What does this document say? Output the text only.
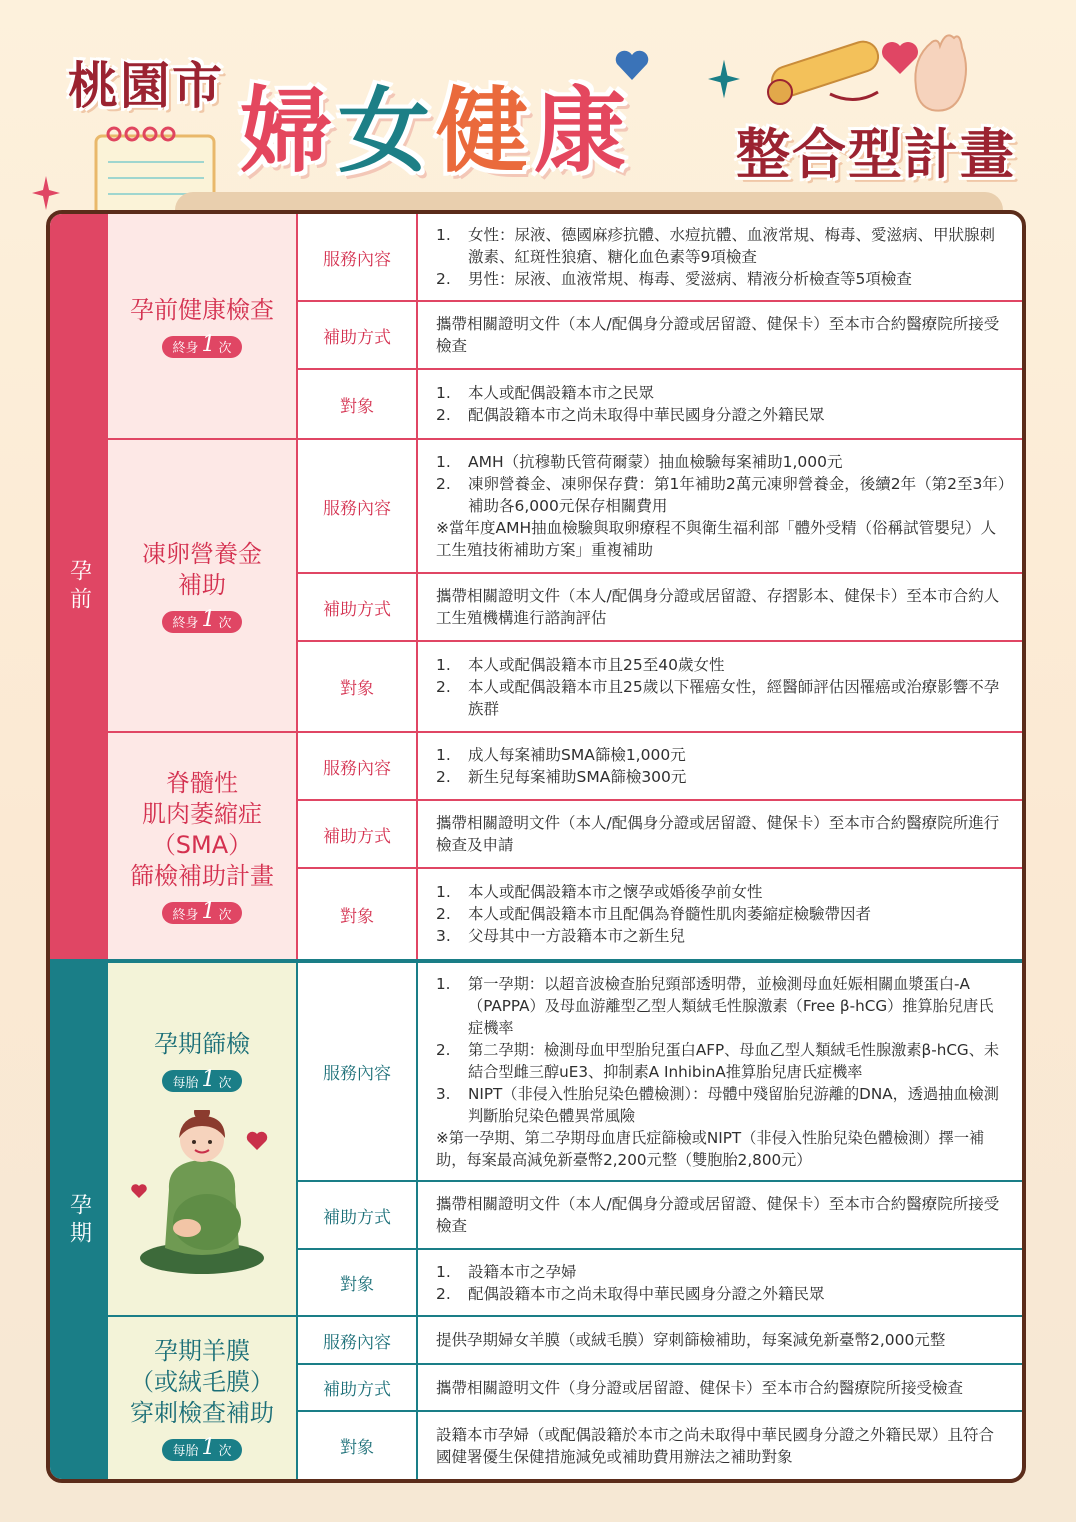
桃園市 婦女健康 整合型計畫
孕前
孕前健康檢查
終身 1 次
服務內容
1.	女性：尿液、德國麻疹抗體、水痘抗體、血液常規、梅毒、愛滋病、甲狀腺刺激素、紅斑性狼瘡、糖化血色素等9項檢查
2.	男性：尿液、血液常規、梅毒、愛滋病、精液分析檢查等5項檢查
補助方式
攜帶相關證明文件（本人/配偶身分證或居留證、健保卡）至本市合約醫療院所接受檢查
對象
1.	本人或配偶設籍本市之民眾
2.	配偶設籍本市之尚未取得中華民國身分證之外籍民眾
凍卵營養金
補助
終身 1 次
服務內容
1.	AMH（抗穆勒氏管荷爾蒙）抽血檢驗每案補助1,000元
2.	凍卵營養金、凍卵保存費：第1年補助2萬元凍卵營養金，後續2年（第2至3年）補助各6,000元保存相關費用
※當年度AMH抽血檢驗與取卵療程不與衛生福利部「體外受精（俗稱試管嬰兒）人工生殖技術補助方案」重複補助
補助方式
攜帶相關證明文件（本人/配偶身分證或居留證、存摺影本、健保卡）至本市合約人工生殖機構進行諮詢評估
對象
1.	本人或配偶設籍本市且25至40歲女性
2.	本人或配偶設籍本市且25歲以下罹癌女性，經醫師評估因罹癌或治療影響不孕族群
脊髓性
肌肉萎縮症
（SMA）
篩檢補助計畫
終身 1 次
服務內容
1.	成人每案補助SMA篩檢1,000元
2.	新生兒每案補助SMA篩檢300元
補助方式
攜帶相關證明文件（本人/配偶身分證或居留證、健保卡）至本市合約醫療院所進行檢查及申請
對象
1.	本人或配偶設籍本市之懷孕或婚後孕前女性
2.	本人或配偶設籍本市且配偶為脊髓性肌肉萎縮症檢驗帶因者
3.	父母其中一方設籍本市之新生兒
孕期
孕期篩檢
每胎 1 次	服務內容
1.	第一孕期：以超音波檢查胎兒頸部透明帶，並檢測母血妊娠相關血漿蛋白-A（PAPPA）及母血游離型乙型人類絨毛性腺激素（Free β-hCG）推算胎兒唐氏症機率
2.	第二孕期：檢測母血甲型胎兒蛋白AFP、母血乙型人類絨毛性腺激素β-hCG、未結合型雌三醇uE3、抑制素A InhibinA推算胎兒唐氏症機率
3.	NIPT（非侵入性胎兒染色體檢測）：母體中殘留胎兒游離的DNA，透過抽血檢測判斷胎兒染色體異常風險
※第一孕期、第二孕期母血唐氏症篩檢或NIPT（非侵入性胎兒染色體檢測）擇一補助，每案最高減免新臺幣2,200元整（雙胞胎2,800元）
補助方式
攜帶相關證明文件（本人/配偶身分證或居留證、健保卡）至本市合約醫療院所接受檢查
對象
1.	設籍本市之孕婦
2.	配偶設籍本市之尚未取得中華民國身分證之外籍民眾
孕期羊膜
（或絨毛膜）
穿刺檢查補助
每胎 1 次
服務內容	提供孕期婦女羊膜（或絨毛膜）穿刺篩檢補助，每案減免新臺幣2,000元整
補助方式	攜帶相關證明文件（身分證或居留證、健保卡）至本市合約醫療院所接受檢查
對象
設籍本市孕婦（或配偶設籍於本市之尚未取得中華民國身分證之外籍民眾）且符合國健署優生保健措施減免或補助費用辦法之補助對象
